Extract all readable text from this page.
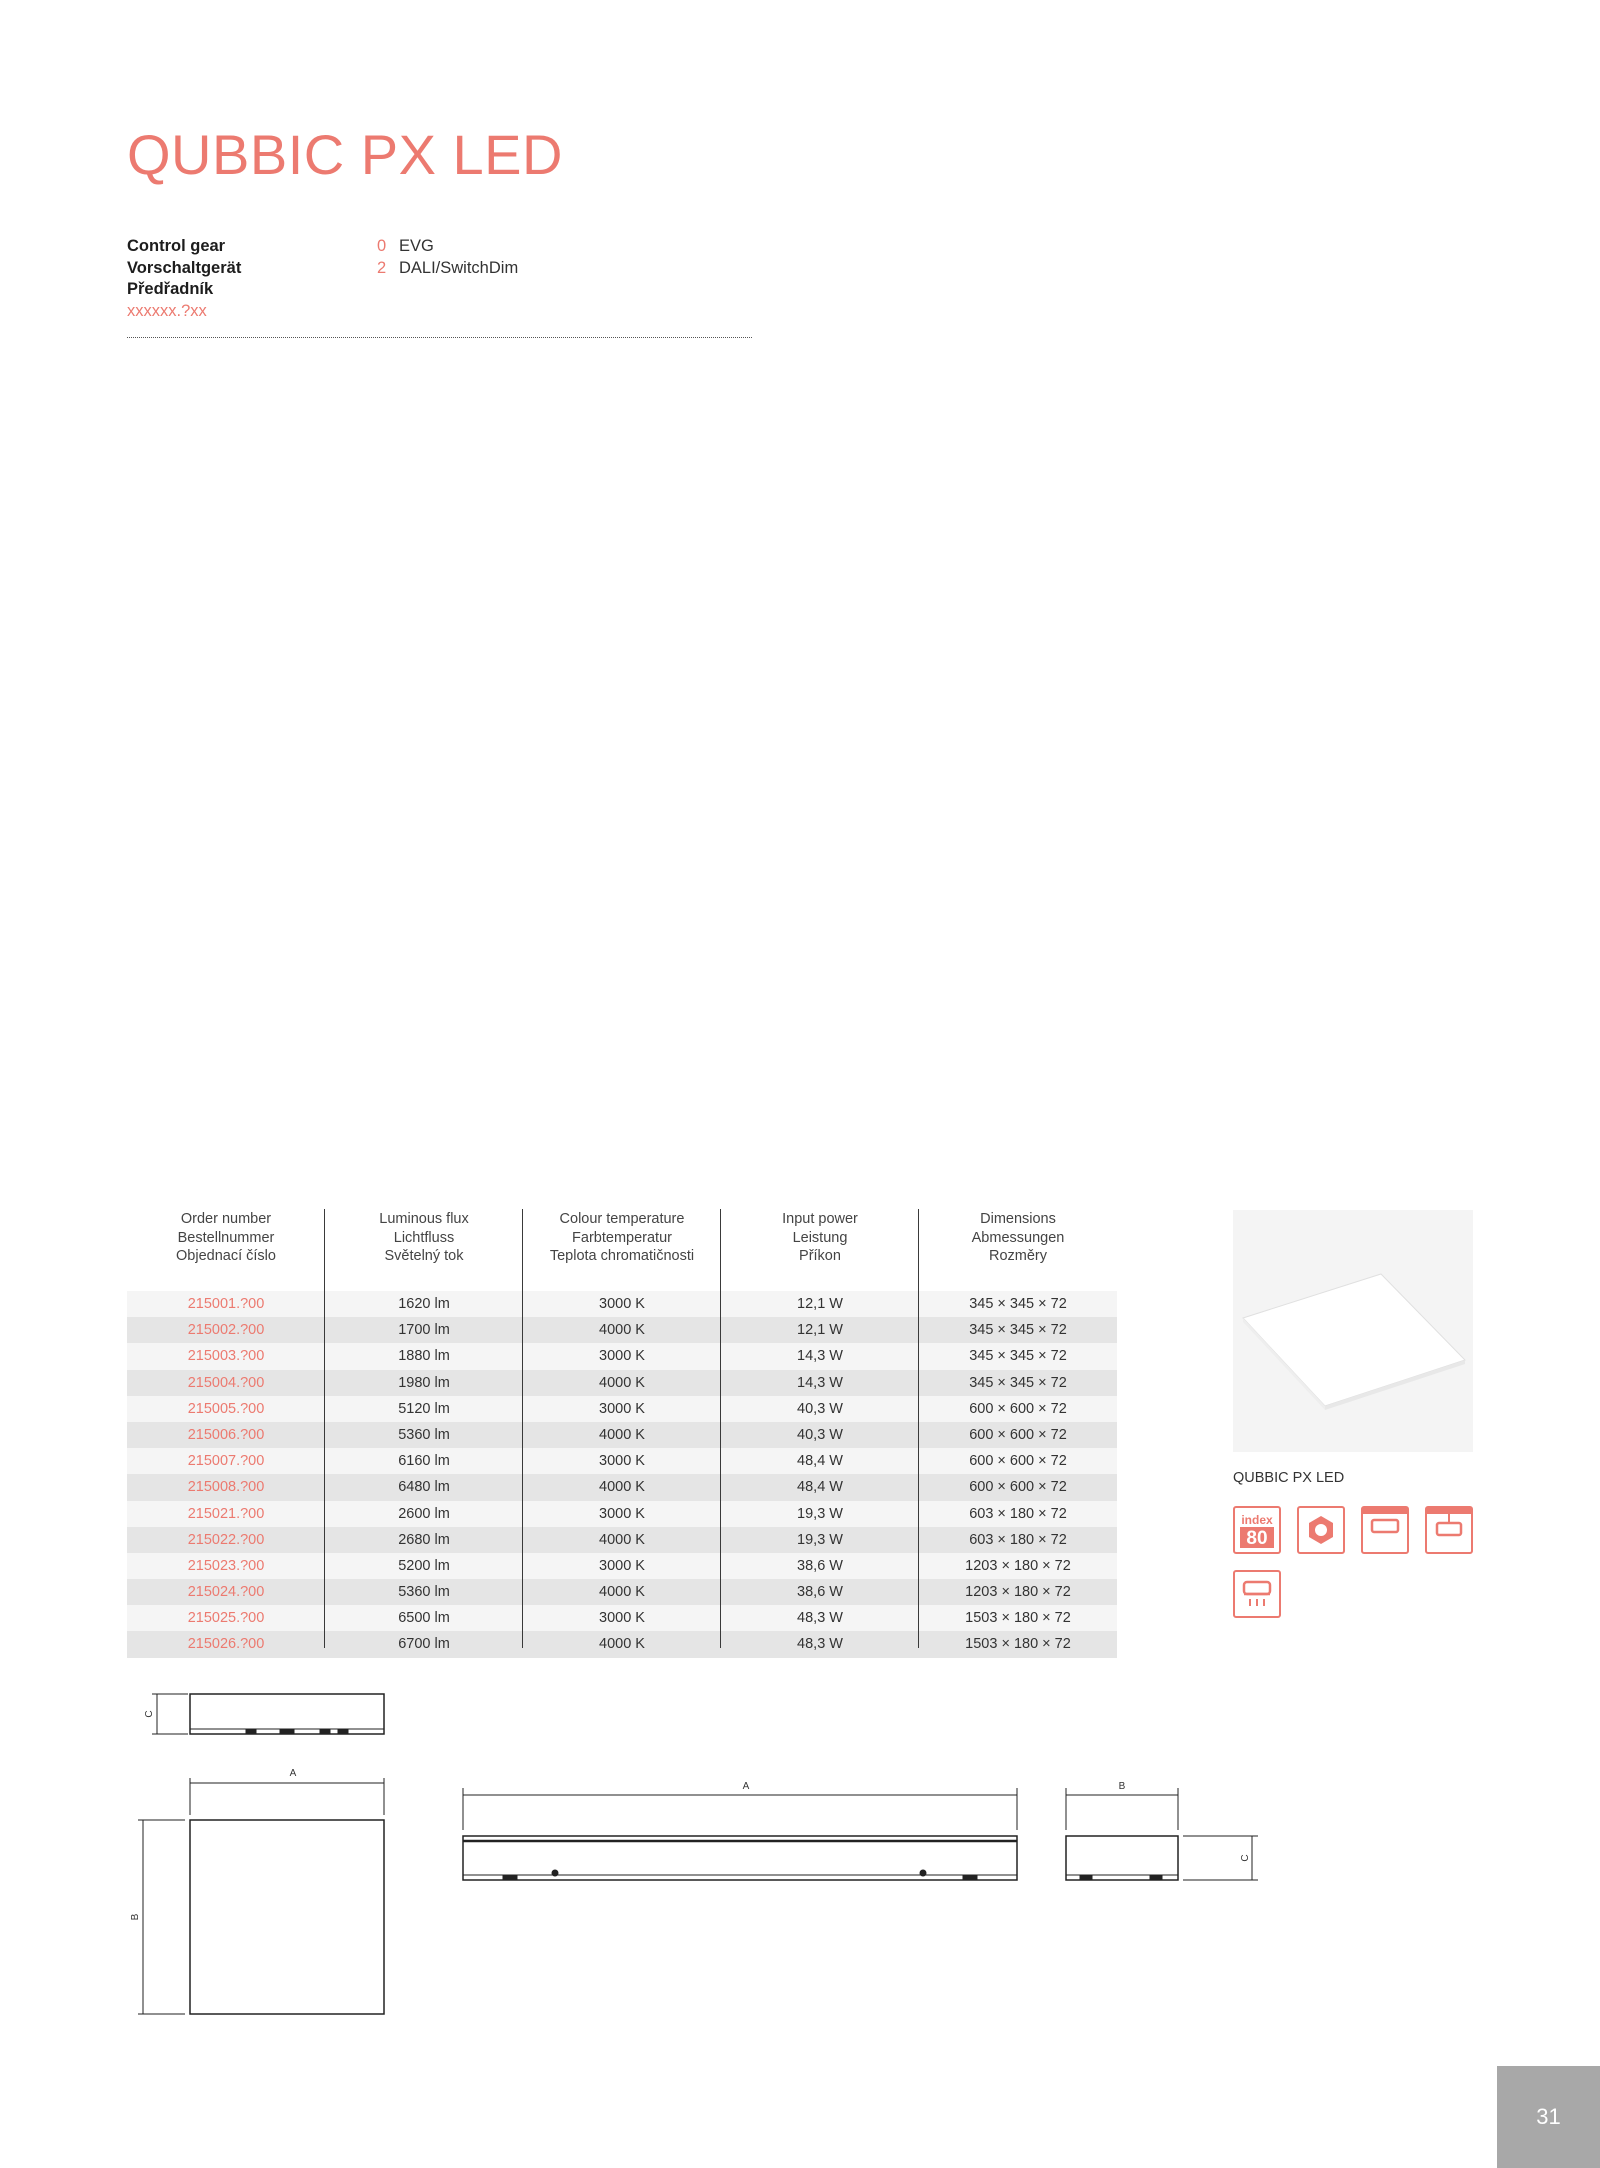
QUBBIC PX LED
Control gear
Vorschaltgerät
Předřadník
xxxxxx.?xx
0 EVG
2 DALI/SwitchDim
Order number
Bestellnummer
Objednací číslo
Luminous flux
Lichtfluss
Světelný tok
Colour temperature
Farbtemperatur
Teplota chromatičnosti
Input power
Leistung
Příkon
Dimensions
Abmessungen
Rozměry
215001.?00	1620 lm	3000 K	12,1 W	345 × 345 × 72
215002.?00	1700 lm	4000 K	12,1 W	345 × 345 × 72
215003.?00	1880 lm	3000 K	14,3 W	345 × 345 × 72
215004.?00	1980 lm	4000 K	14,3 W	345 × 345 × 72
215005.?00	5120 lm	3000 K	40,3 W	600 × 600 × 72
215006.?00	5360 lm	4000 K	40,3 W	600 × 600 × 72
215007.?00	6160 lm	3000 K	48,4 W	600 × 600 × 72
215008.?00	6480 lm	4000 K	48,4 W	600 × 600 × 72
215021.?00	2600 lm	3000 K	19,3 W	603 × 180 × 72
215022.?00	2680 lm	4000 K	19,3 W	603 × 180 × 72
215023.?00	5200 lm	3000 K	38,6 W	1203 × 180 × 72
215024.?00	5360 lm	4000 K	38,6 W	1203 × 180 × 72
215025.?00	6500 lm	3000 K	48,3 W	1503 × 180 × 72
215026.?00	6700 lm	4000 K	48,3 W	1503 × 180 × 72
QUBBIC PX LED
index
80
C
A
B
A	B
C
31
